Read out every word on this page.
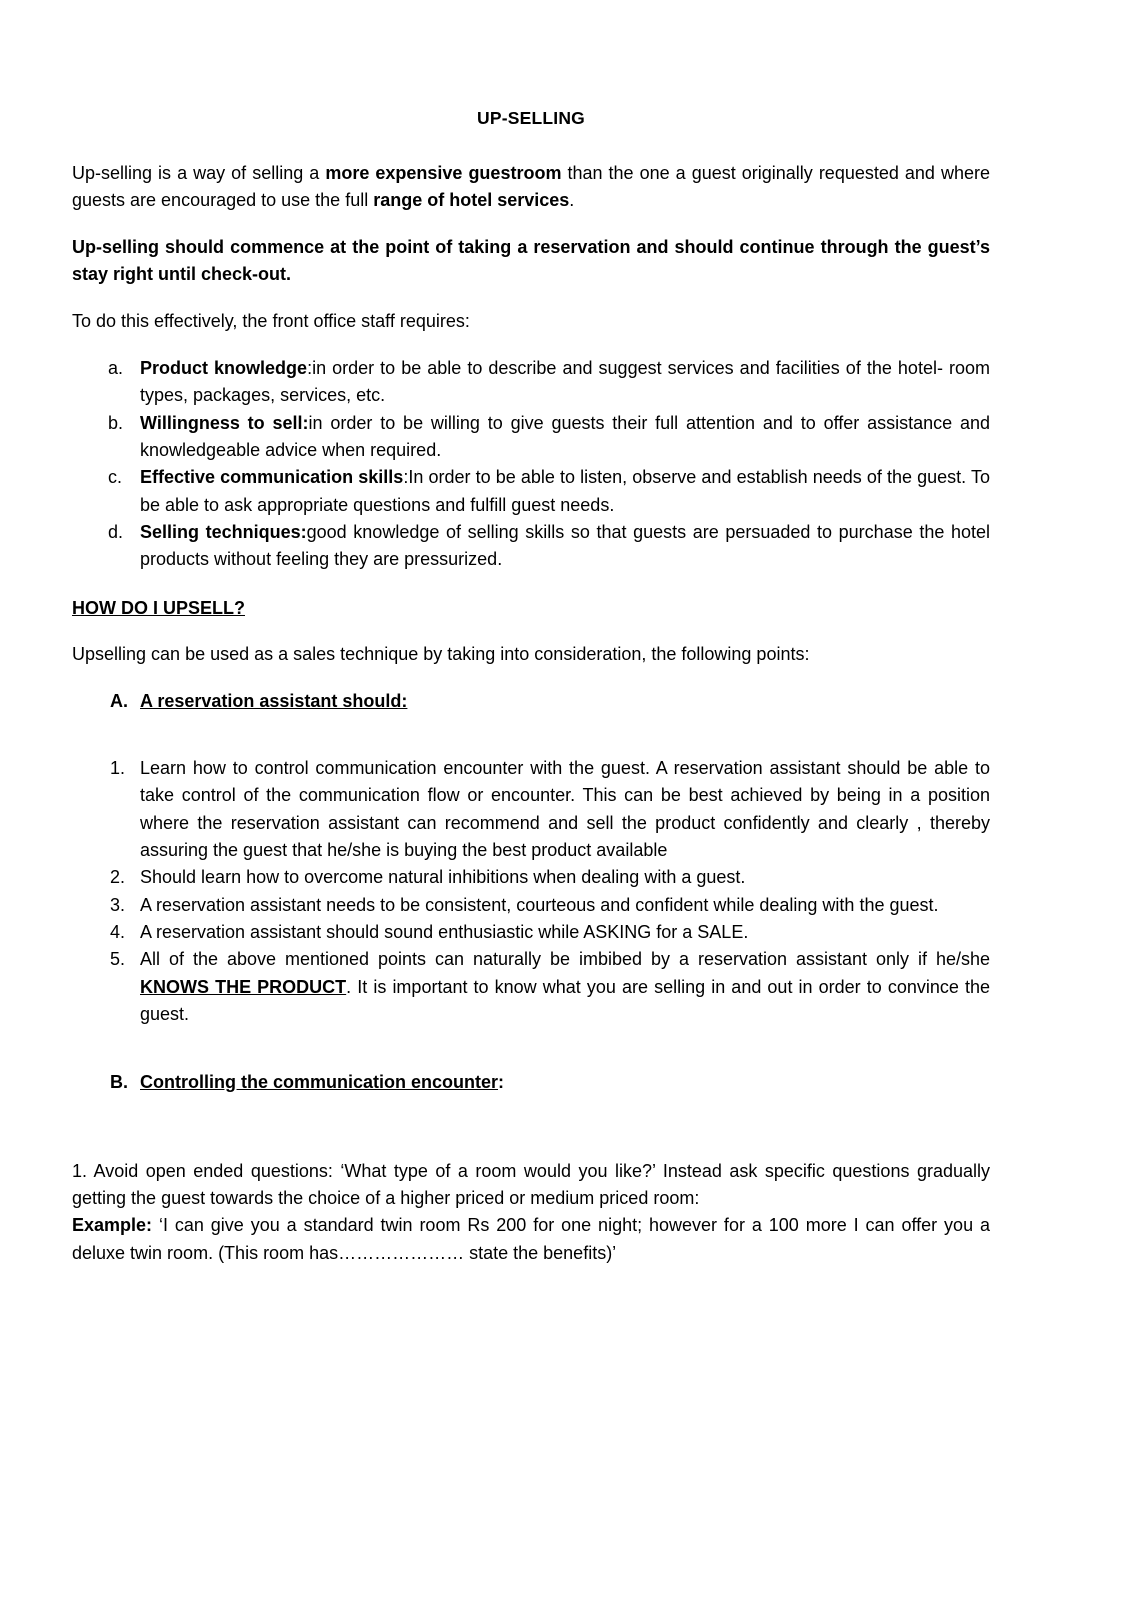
UP-SELLING

Up-selling is a way of selling a more expensive guestroom than the one a guest originally requested and where guests are encouraged to use the full range of hotel services.

Up-selling should commence at the point of taking a reservation and should continue through the guest’s stay right until check-out.

To do this effectively, the front office staff requires:

a. Product knowledge:                in order to be able to describe and suggest services and facilities of the hotel- room types, packages, services, etc.
b. Willingness to sell:                  in order to be willing to give guests their full attention and to offer assistance and knowledgeable advice when required.
c. Effective communication skills:            In order to be able to listen, observe and establish needs of the guest. To be able to ask appropriate questions and fulfill guest needs.
d. Selling techniques:                 good knowledge of selling skills so that guests are persuaded to purchase the hotel products without feeling they are pressurized.

HOW DO I UPSELL?

Upselling can be used as a sales technique by taking into consideration, the following points:

A. A reservation assistant should:
1. Learn how to control communication encounter with the guest. A reservation assistant should be able to take control of the communication flow or encounter. This can be best achieved by being in a position where the reservation assistant can recommend and sell the product confidently and clearly , thereby assuring the guest that he/she is buying the best product available
2. Should learn how to overcome natural inhibitions when dealing with a guest.
3. A reservation assistant needs to be consistent, courteous and confident while dealing with the guest.
4. A reservation assistant should sound enthusiastic while ASKING for a SALE.
5. All of the above mentioned points can naturally be imbibed by a reservation assistant only if he/she KNOWS THE PRODUCT. It is important to know what you are selling in and out in order to convince the guest.
B. Controlling the communication encounter:

1. Avoid open ended questions: ‘What type of a room would you like?’ Instead ask specific questions gradually getting the guest towards the choice of a higher priced or medium priced room:

Example: ‘I can give you a standard twin room Rs 200 for one night; however for a 100 more I can offer you a deluxe twin room. (This room has………………… state the benefits)’
